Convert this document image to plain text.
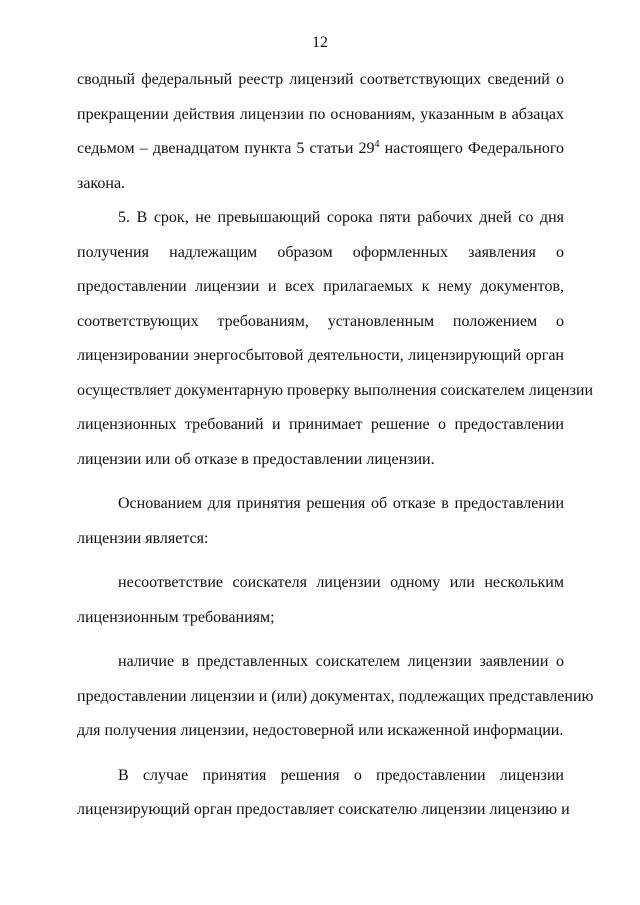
12
сводный федеральный реестр лицензий соответствующих сведений о
прекращении действия лицензии по основаниям, указанным в абзацах
седьмом – двенадцатом пункта 5 статьи $29^4$ настоящего Федерального
закона.
5. В срок, не превышающий сорока пяти рабочих дней со дня
получения надлежащим образом оформленных заявления о
предоставлении лицензии и всех прилагаемых к нему документов,
соответствующих требованиям, установленным положением о
лицензировании энергосбытовой деятельности, лицензирующий орган
осуществляет документарную проверку выполнения соискателем лицензии
лицензионных требований и принимает решение о предоставлении
лицензии или об отказе в предоставлении лицензии.
Основанием для принятия решения об отказе в предоставлении
лицензии является:
несоответствие соискателя лицензии одному или нескольким
лицензионным требованиям;
наличие в представленных соискателем лицензии заявлении о
предоставлении лицензии и (или) документах, подлежащих представлению
для получения лицензии, недостоверной или искаженной информации.
В случае принятия решения о предоставлении лицензии
лицензирующий орган предоставляет соискателю лицензии лицензию и
